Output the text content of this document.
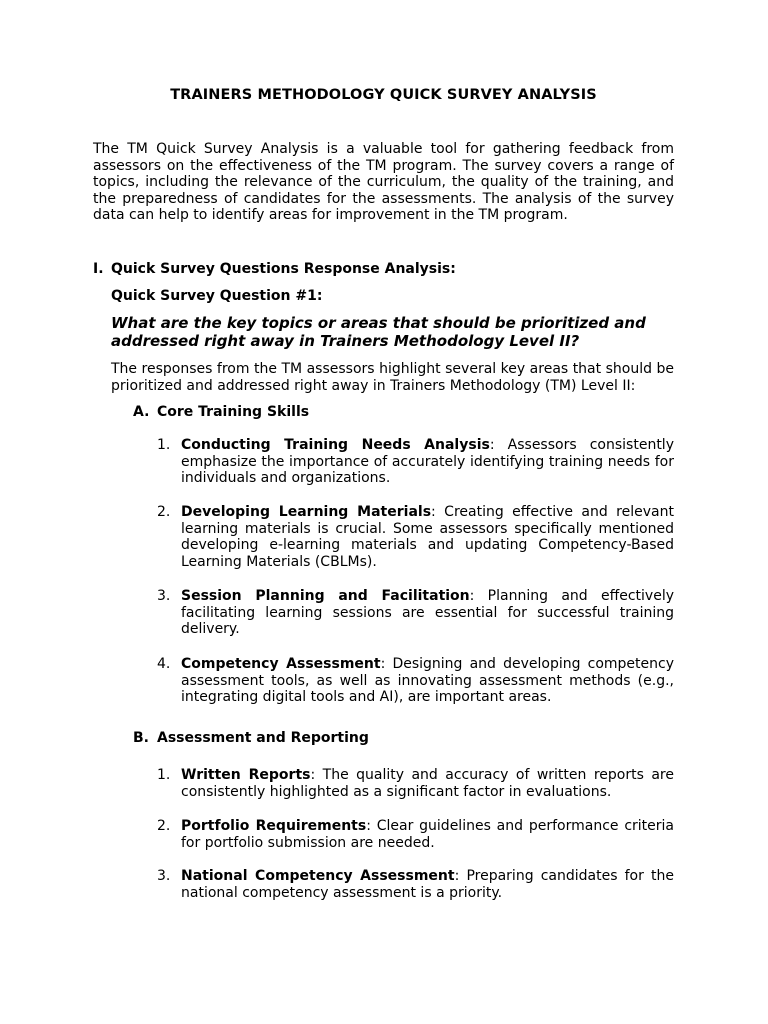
TRAINERS METHODOLOGY QUICK SURVEY ANALYSIS
The TM Quick Survey Analysis is a valuable tool for gathering feedback from assessors on the effectiveness of the TM program. The survey covers a range of topics, including the relevance of the curriculum, the quality of the training, and the preparedness of candidates for the assessments. The analysis of the survey data can help to identify areas for improvement in the TM program.
I. Quick Survey Questions Response Analysis:
Quick Survey Question #1:
What are the key topics or areas that should be prioritized and addressed right away in Trainers Methodology Level II?
The responses from the TM assessors highlight several key areas that should be prioritized and addressed right away in Trainers Methodology (TM) Level II:
A. Core Training Skills
1. Conducting Training Needs Analysis: Assessors consistently emphasize the importance of accurately identifying training needs for individuals and organizations.
2. Developing Learning Materials: Creating effective and relevant learning materials is crucial. Some assessors specifically mentioned developing e-learning materials and updating Competency-Based Learning Materials (CBLMs).
3. Session Planning and Facilitation: Planning and effectively facilitating learning sessions are essential for successful training delivery.
4. Competency Assessment: Designing and developing competency assessment tools, as well as innovating assessment methods (e.g., integrating digital tools and AI), are important areas.
B. Assessment and Reporting
1. Written Reports: The quality and accuracy of written reports are consistently highlighted as a significant factor in evaluations.
2. Portfolio Requirements: Clear guidelines and performance criteria for portfolio submission are needed.
3. National Competency Assessment: Preparing candidates for the national competency assessment is a priority.
